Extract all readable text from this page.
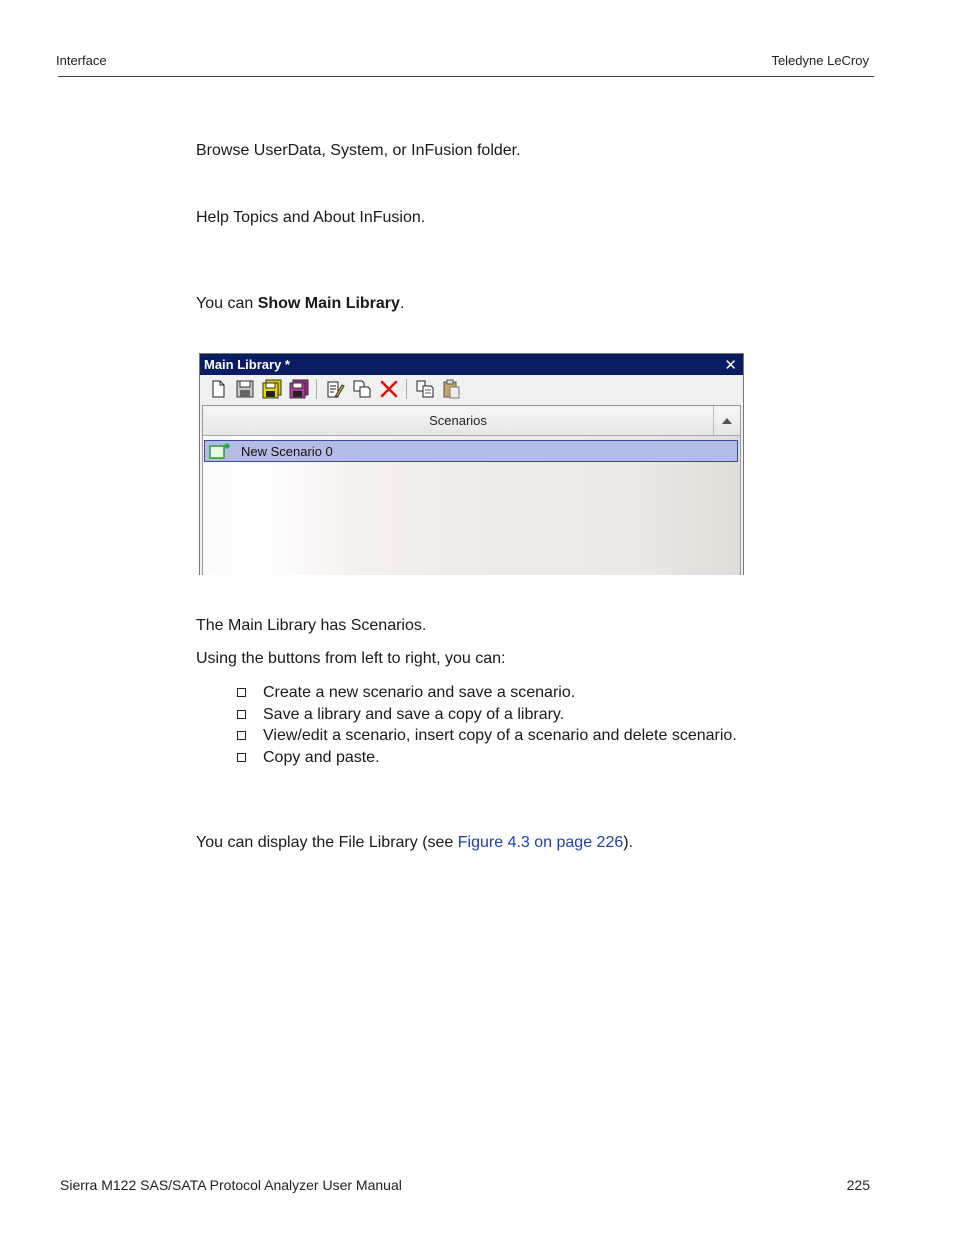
Interface	Teledyne LeCroy
Browse UserData, System, or InFusion folder.
Help Topics and About InFusion.
You can Show Main Library.
Main Library *	✕
Scenarios
New Scenario 0
The Main Library has Scenarios.
Using the buttons from left to right, you can:
Create a new scenario and save a scenario.
Save a library and save a copy of a library.
View/edit a scenario, insert copy of a scenario and delete scenario.
Copy and paste.
You can display the File Library (see Figure 4.3 on page 226).
Sierra M122 SAS/SATA Protocol Analyzer User Manual	225
